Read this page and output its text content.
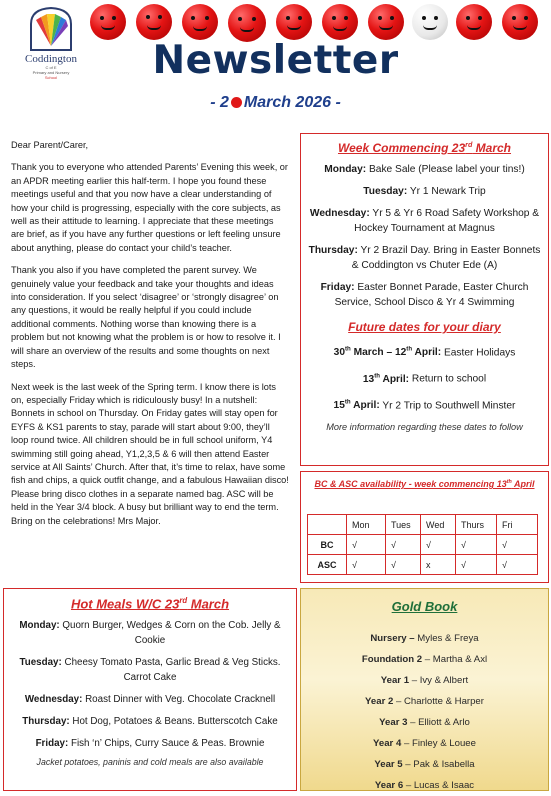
Coddington
C of E
Primary and Nursery
School	Newsletter
- 2 March 2026 -

Dear Parent/Carer,

Thank you to everyone who attended Parents’ Evening this week, or an APDR meeting earlier this half-term. I hope you found these meetings useful and that you now have a clear understanding of how your child is progressing, especially with the core subjects, as well as their attitude to learning. I appreciate that these meetings are brief, as if you have any further questions or left feeling unsure about anything, please do contact your child’s teacher.

Thank you also if you have completed the parent survey. We genuinely value your feedback and take your thoughts and ideas into consideration. If you select ‘disagree’ or ‘strongly disagree’ on any questions, it would be really helpful if you could include additional comments. Nothing worse than knowing there is a problem but not knowing what the problem is or how to resolve it. I will share an overview of the results and some thoughts on next steps.

Next week is the last week of the Spring term. I know there is lots on, especially Friday which is ridiculously busy! In a nutshell: Bonnets in school on Thursday. On Friday gates will stay open for EYFS & KS1 parents to stay, parade will start about 9:00, they’ll loop round twice. All children should be in full school uniform, Y4 swimming still going ahead, Y1,2,3,5 & 6 will then attend Easter service at All Saints’ Church. After that, it’s time to relax, have some fish and chips, a quick outfit change, and a fabulous Hawaiian disco! Please bring disco clothes in a separate named bag. ASC will be held in the Year 3/4 block. A busy but brilliant way to end the term. Bring on the celebrations! Mrs Major.

Week Commencing 23rd March
Monday: Bake Sale (Please label your tins!)
Tuesday: Yr 1 Newark Trip
Wednesday: Yr 5 & Yr 6 Road Safety Workshop & Hockey Tournament at Magnus
Thursday: Yr 2 Brazil Day. Bring in Easter Bonnets & Coddington vs Chuter Ede (A)
Friday: Easter Bonnet Parade, Easter Church Service, School Disco & Yr 4 Swimming
Future dates for your diary
30th March – 12th April: Easter Holidays
13th April: Return to school
15th April: Yr 2 Trip to Southwell Minster
More information regarding these dates to follow
BC & ASC availability - week commencing 13th April
	Mon	Tues	Wed	Thurs	Fri
BC	√	√	√	√	√
ASC	√	√	x	√	√
Hot Meals W/C 23rd March
Monday: Quorn Burger, Wedges & Corn on the Cob. Jelly & Cookie
Tuesday: Cheesy Tomato Pasta, Garlic Bread & Veg Sticks. Carrot Cake
Wednesday: Roast Dinner with Veg. Chocolate Cracknell
Thursday: Hot Dog, Potatoes & Beans. Butterscotch Cake
Friday: Fish ‘n’ Chips, Curry Sauce & Peas. Brownie
Jacket potatoes, paninis and cold meals are also available
Gold Book
Nursery – Myles & Freya
Foundation 2 – Martha & Axl
Year 1 – Ivy & Albert
Year 2 – Charlotte & Harper
Year 3 – Elliott & Arlo
Year 4 – Finley & Louee
Year 5 – Pak & Isabella
Year 6 – Lucas & Isaac
